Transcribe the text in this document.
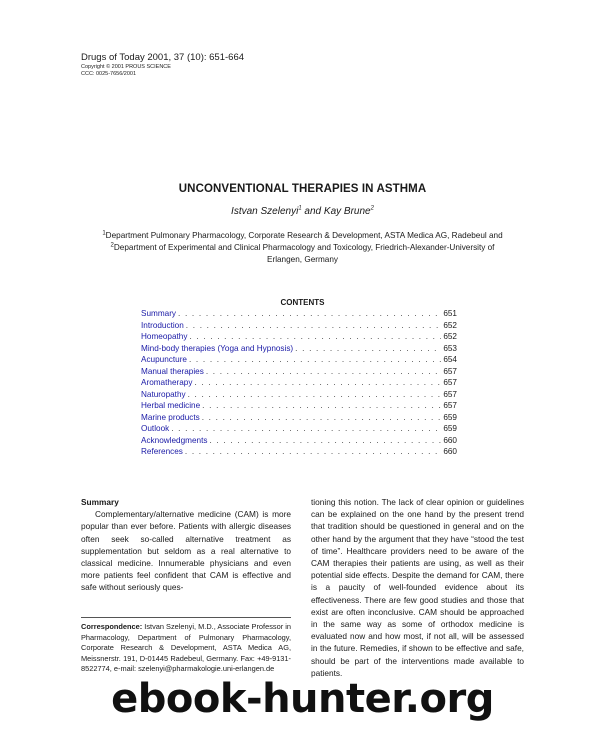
Drugs of Today 2001, 37 (10): 651-664
Copyright © 2001 PROUS SCIENCE
CCC: 0025-7656/2001
UNCONVENTIONAL THERAPIES IN ASTHMA
Istvan Szelenyi$^1$ and Kay Brune$^2$
$^1$Department Pulmonary Pharmacology, Corporate Research & Development, ASTA Medica AG, Radebeul and $^2$Department of Experimental and Clinical Pharmacology and Toxicology, Friedrich-Alexander-University of Erlangen, Germany
CONTENTS
Summary . . .	651
Introduction . . .	652
Homeopathy . . .	652
Mind-body therapies (Yoga and Hypnosis) . . .	653
Acupuncture . . .	654
Manual therapies . . .	657
Aromatherapy . . .	657
Naturopathy . . .	657
Herbal medicine . . .	657
Marine products . . .	659
Outlook . . .	659
Acknowledgments . . .	660
References . . .	660
Summary

Complementary/alternative medicine (CAM) is more popular than ever before. Patients with allergic diseases often seek so-called alternative treatment as supplementation but seldom as a real alternative to classical medicine. Innumerable physicians and even more patients feel confident that CAM is effective and safe without seriously ques-

tioning this notion. The lack of clear opinion or guidelines can be explained on the one hand by the present trend that tradition should be questioned in general and on the other hand by the argument that they have “stood the test of time”. Healthcare providers need to be aware of the CAM therapies their patients are using, as well as their potential side effects. Despite the demand for CAM, there is a paucity of well-founded evidence about its effectiveness. There are few good studies and those that exist are often inconclusive. CAM should be approached in the same way as some of orthodox medicine is evaluated now and how most, if not all, will be assessed in the future. Remedies, if shown to be effective and safe, should be part of the interventions made available to patients.

Correspondence: Istvan Szelenyi, M.D., Associate Professor in Pharmacology, Department of Pulmonary Pharmacology, Corporate Research & Development, ASTA Medica AG, Meissnerstr. 191, D-01445 Radebeul, Germany. Fax: +49-9131-8522774, e-mail: szelenyi@pharmakologie.uni-erlangen.de
ebook-hunter.org
